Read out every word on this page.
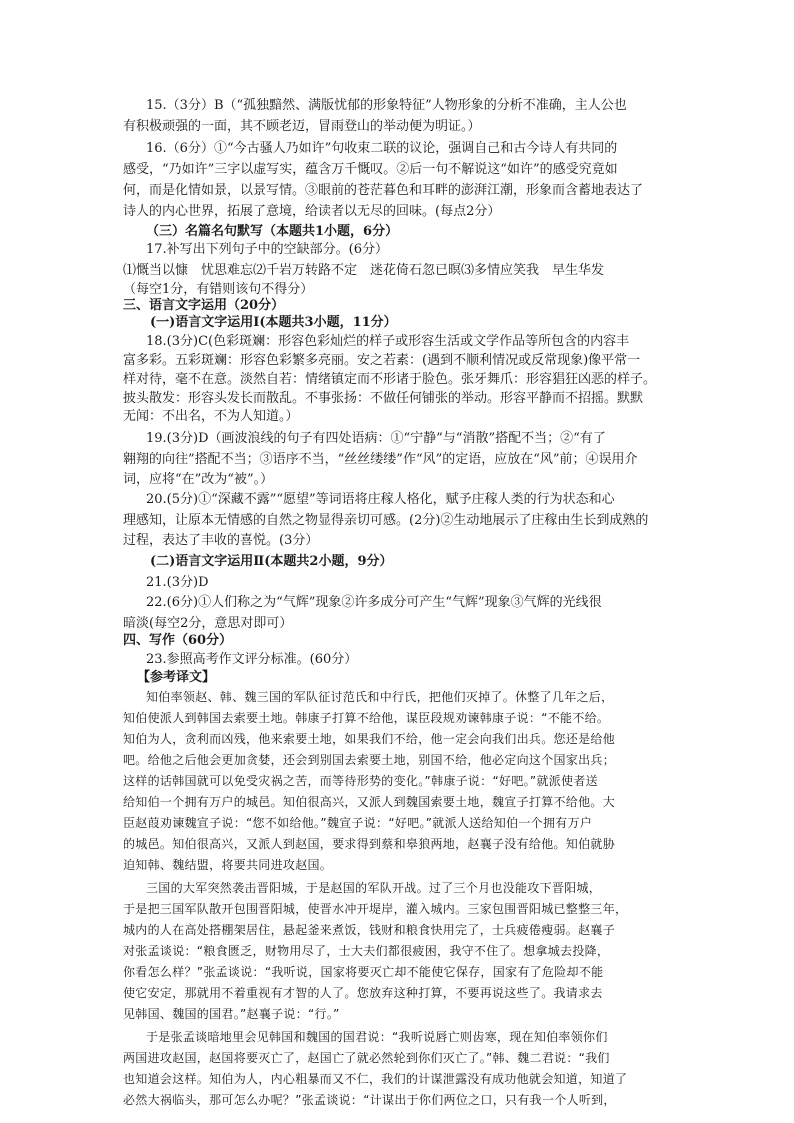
15.（3分）B（“孤独黯然、满版忧郁的形象特征”人物形象的分析不准确，主人公也
有积极顽强的一面，其不顾老迈，冒雨登山的举动便为明证。）
16.（6分）①“今古骚人乃如许”句收束二联的议论，强调自己和古今诗人有共同的
感受，“乃如许”三字以虚写实，蕴含万千慨叹。②后一句不解说这“如许”的感受究竟如
何，而是化情如景，以景写情。③眼前的苍茫暮色和耳畔的澎湃江潮，形象而含蓄地表达了
诗人的内心世界，拓展了意境，给读者以无尽的回味。(每点2分）
（三）名篇名句默写（本题共1小题，6分）
17.补写出下列句子中的空缺部分。(6分）
⑴慨当以慷　忧思难忘⑵千岩万转路不定　迷花倚石忽已暝⑶多情应笑我　早生华发
（每空1分，有错则该句不得分）
三、语言文字运用（20分）
(一)语言文字运用Ⅰ(本题共3小题，11分）
18.(3分)C(色彩斑斓：形容色彩灿烂的样子或形容生活或文学作品等所包含的内容丰
富多彩。五彩斑斓：形容色彩繁多亮丽。安之若素：(遇到不顺利情况或反常现象)像平常一
样对待，毫不在意。淡然自若：情绪镇定而不形诸于脸色。张牙舞爪：形容猖狂凶恶的样子。
披头散发：形容头发长而散乱。不事张扬：不做任何铺张的举动。形容平静而不招摇。默默
无闻：不出名，不为人知道。）
19.(3分)D（画波浪线的句子有四处语病：①“宁静”与“消散”搭配不当；②“有了
翱翔的向往”搭配不当；③语序不当，“丝丝缕缕”作“风”的定语，应放在“风”前；④误用介
词，应将“在”改为“被”。）
20.(5分)①“深藏不露”“愿望”等词语将庄稼人格化，赋予庄稼人类的行为状态和心
理感知，让原本无情感的自然之物显得亲切可感。(2分)②生动地展示了庄稼由生长到成熟的
过程，表达了丰收的喜悦。(3分）
(二)语言文字运用Ⅱ(本题共2小题，9分）
21.(3分)D
22.(6分)①人们称之为“气辉”现象②许多成分可产生“气辉”现象③气辉的光线很
暗淡(每空2分，意思对即可）
四、写作（60分）
23.参照高考作文评分标准。(60分）
【参考译文】
知伯率领赵、韩、魏三国的军队征讨范氏和中行氏，把他们灭掉了。休整了几年之后，
知伯使派人到韩国去索要土地。韩康子打算不给他，谋臣段规劝谏韩康子说：“不能不给。
知伯为人，贪利而凶残，他来索要土地，如果我们不给，他一定会向我们出兵。您还是给他
吧。给他之后他会更加贪婪，还会到别国去索要土地，别国不给，他必定向这个国家出兵；
这样的话韩国就可以免受灾祸之苦，而等待形势的变化。”韩康子说：“好吧。”就派使者送
给知伯一个拥有万户的城邑。知伯很高兴，又派人到魏国索要土地，魏宣子打算不给他。大
臣赵葭劝谏魏宣子说：“您不如给他。”魏宣子说：“好吧。”就派人送给知伯一个拥有万户
的城邑。知伯很高兴，又派人到赵国，要求得到蔡和皋狼两地，赵襄子没有给他。知伯就胁
迫知韩、魏结盟，将要共同进攻赵国。
三国的大军突然袭击晋阳城，于是赵国的军队开战。过了三个月也没能攻下晋阳城，
于是把三国军队散开包围晋阳城，使晋水冲开堤岸，灌入城内。三家包围晋阳城已整整三年，
城内的人在高处搭棚架居住，悬起釜来煮饭，钱财和粮食快用完了，士兵疲倦瘦弱。赵襄子
对张孟谈说：“粮食匮乏，财物用尽了，士大夫们都很疲困，我守不住了。想拿城去投降，
你看怎么样？”张孟谈说：“我听说，国家将要灭亡却不能使它保存，国家有了危险却不能
使它安定，那就用不着重视有才智的人了。您放弃这种打算，不要再说这些了。我请求去
见韩国、魏国的国君。”赵襄子说：“行。”
于是张孟谈暗地里会见韩国和魏国的国君说：“我听说唇亡则齿寒，现在知伯率领你们
两国进攻赵国，赵国将要灭亡了，赵国亡了就必然轮到你们灭亡了。”韩、魏二君说：“我们
也知道会这样。知伯为人，内心粗暴而又不仁，我们的计谋泄露没有成功他就会知道，知道了
必然大祸临头，那可怎么办呢？”张孟谈说：“计谋出于你们两位之口，只有我一个人听到，
